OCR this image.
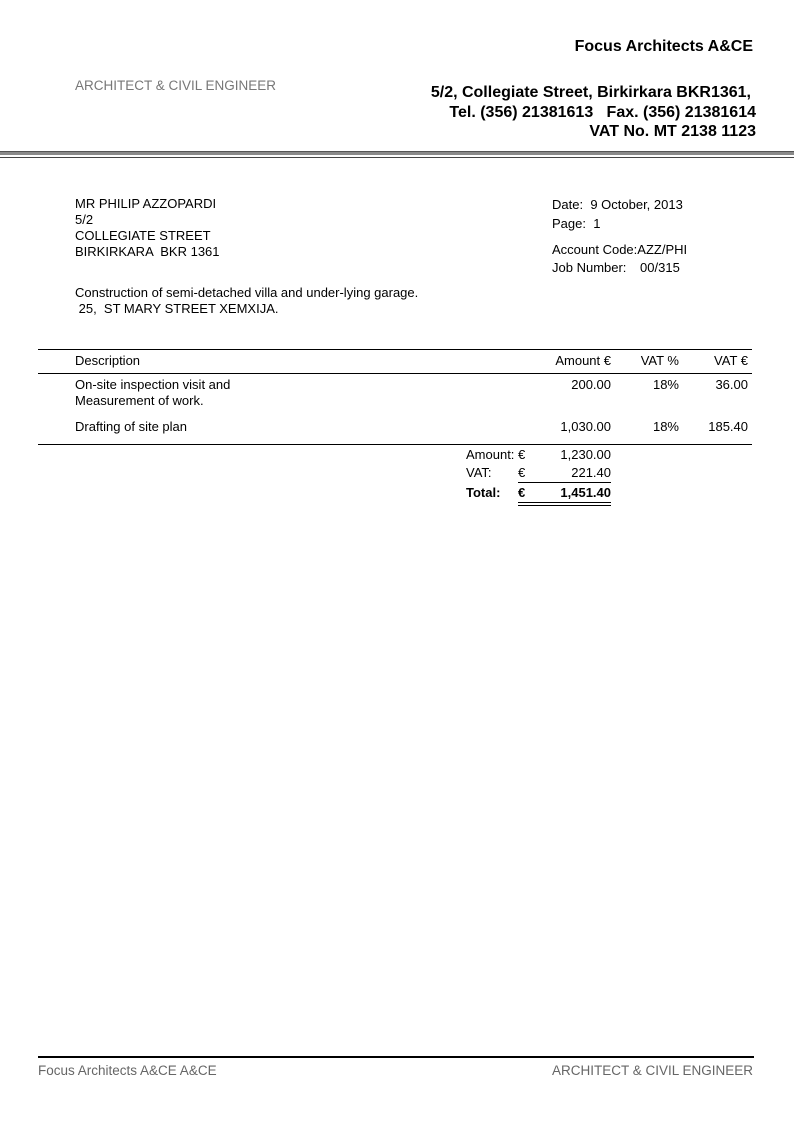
Focus Architects A&CE
ARCHITECT & CIVIL ENGINEER	5/2, Collegiate Street, Birkirkara BKR1361,
Tel. (356) 21381613   Fax. (356) 21381614
VAT No. MT 2138 1123
MR PHILIP AZZOPARDI
5/2
COLLEGIATE STREET
BIRKIRKARA  BKR 1361
Date: 9 October, 2013
Page: 1
Account Code:AZZ/PHI
Job Number: 00/315
Construction of semi-detached villa and under-lying garage.
25,  ST MARY STREET XEMXIJA.
Description	Amount € VAT %	VAT €
On-site inspection visit and
Measurement of work.
200.00	18%	36.00
Drafting of site plan	1,030.00	18% 185.40
Amount: €	1,230.00
VAT: €	221.40
Total: €	1,451.40
Focus Architects A&CE A&CE	ARCHITECT & CIVIL ENGINEER
